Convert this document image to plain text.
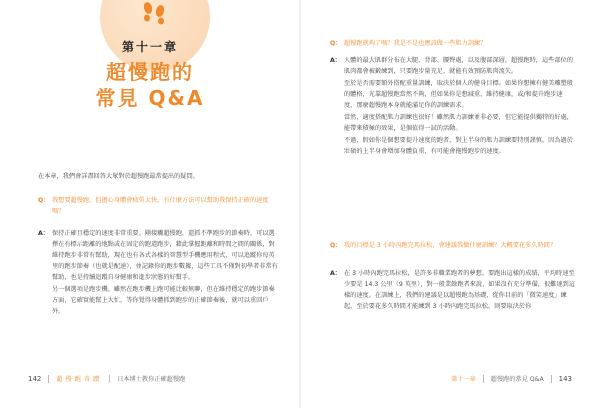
第十一章
超慢跑的
常見 Q&A
在本章，我們會詳盡回答大眾對於超慢跑最常提出的疑問。
Q： 我想要超慢跑，但擔心身體會疲勞太快，有什麼方法可以幫助我保持正確的速度嗎？
A： 保持正確且穩定的速度非常重要。剛接觸超慢跑，還抓不準跑步的節奏時，可以選擇在有標示距離的地點或在固定的跑道跑步，藉此掌握距離和時間之間的關係，對維持跑步非常有幫助，現在也有各式各樣的智慧型手機應用程式，可以追蹤你每英里的跑步節奏（也就是配速），並記錄你的跑步數據，這些工具不僅對初學者非常有幫助，也是持續追蹤自身健康和進步狀態的好幫手。

另一個選項是跑步機。雖然在跑步機上跑可能比較無聊，但在維持穩定的跑步節奏方面，它確實能幫上大忙，等你覺得身體抓到跑步的正確節奏後，就可以重回戶外。

142 超慢跑奇蹟 日本博士教你正確超慢跑
Q： 超慢跑就夠了嗎？我是不是也應該做一些肌力訓練？
A： 人體的最大肌群分布在大腿、背部、腰臀處，以及腹部深層，超慢跑時，這些部位的肌肉都會被鍛練到，只要跑步量充足，就能有效預防肌肉流失。

至於是否需要額外搭配重量訓練，取決於個人的健身目標。如果你想擁有健美雕塑般的體格，光靠超慢跑當然不夠，但如果你是想減重、維持健康，或/和提升跑步速度，那麼超慢跑本身就能滿足你的訓練需求。

當然，適度搭配肌力訓練也很好！雖然肌力訓練並非必要，但它能提供獨特的好處，能帶來積極的效果，是個值得一試的活動。

不過，假如你是個想要提升速度的跑者，對上半身的肌力訓練要特別謹慎，因為過於壯碩的上半身會增加身體負重，有可能會拖慢跑步的速度。

Q： 我的目標是 3 小時內跑完馬拉松，會建議我做什麼訓練？大概要花多久時間？
A： 在 3 小時內跑完馬拉松，是許多非職業跑者的夢想。要跑出這樣的成績，平均時速至少要是 14.3 公里（9 英里），對一般業餘跑者來說，如果沒有充分準備，很難達到這樣的速度。在訓練上，我們的建議是以超慢跑為基礎，從你目前的「微笑速度」練起，至於要花多久時間才能練到 3 小時內跑完馬拉松，則要取決於你

第十一章 超慢跑的常見 Q&A 143
